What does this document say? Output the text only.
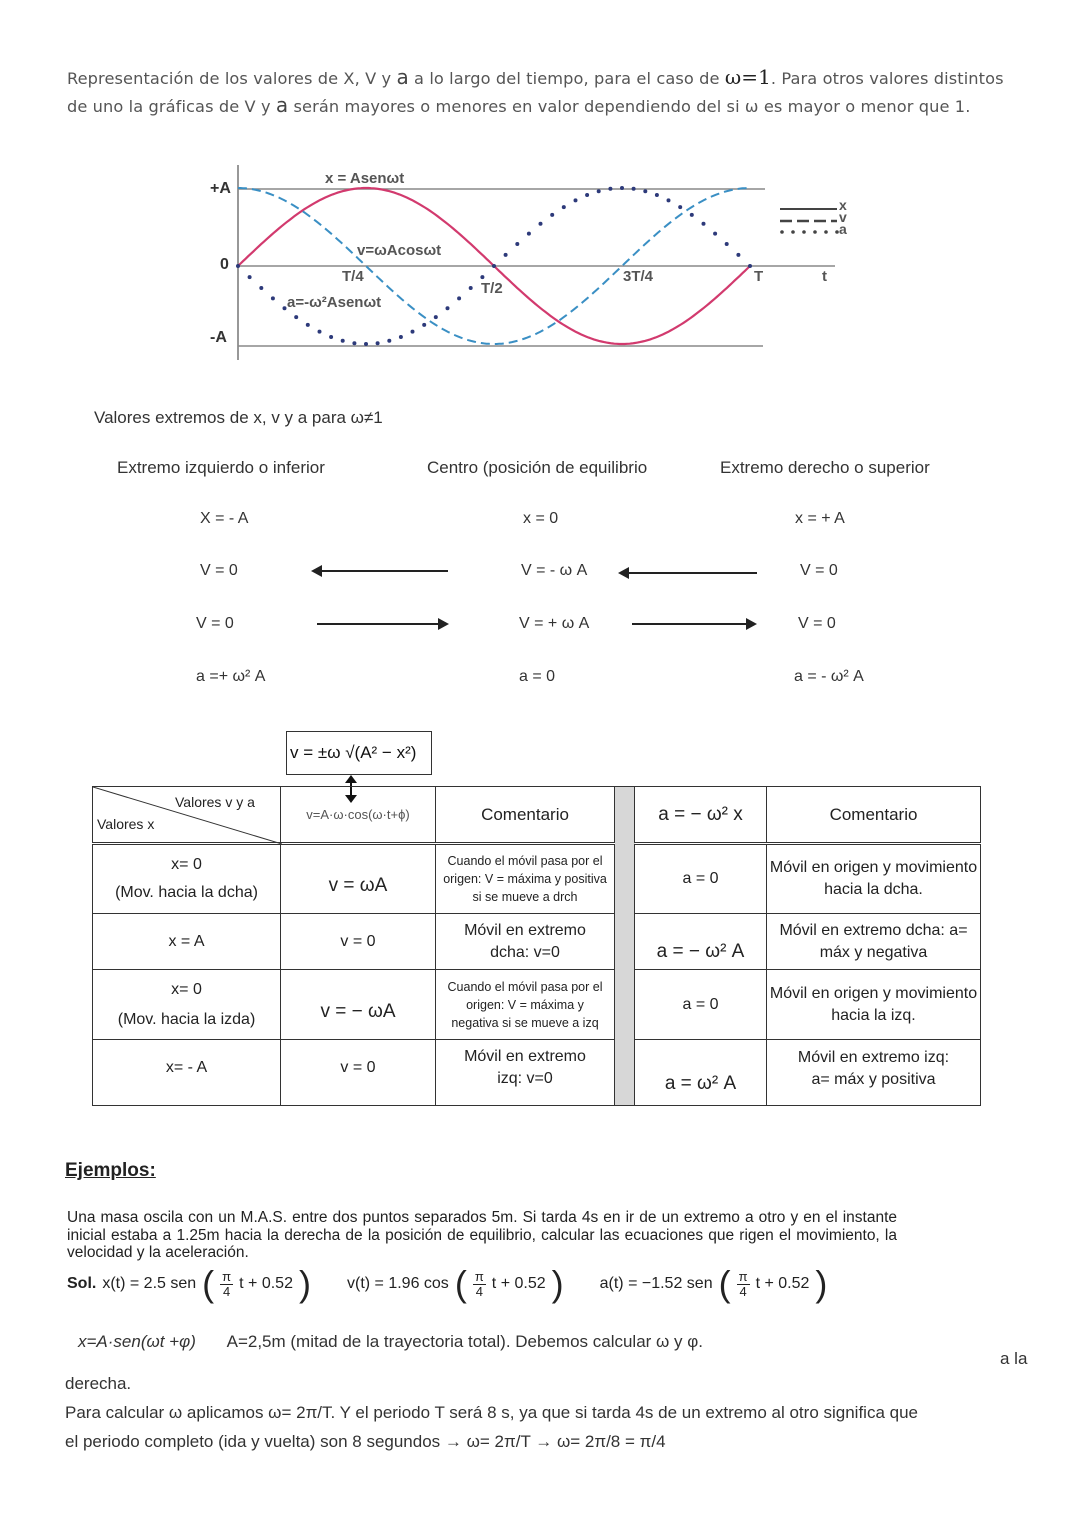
Representación de los valores de X, V y a a lo largo del tiempo, para el caso de ω=1. Para otros valores distintos de uno la gráficas de V y a serán mayores o menores en valor dependiendo del si ω es mayor o menor que 1.
x
v
a
+A
0
-A
T/4
T/2
3T/4	T	t
x = Asenωt
v=ωAcosωt
a=-ω²Asenωt
Valores extremos de x, v y a para ω≠1
Extremo izquierdo o inferior	Centro (posición de equilibrio	Extremo derecho o superior
X = - A	x = 0	x = + A
V = 0	V = - ω A	V = 0
V = 0	V = + ω A	V = 0
a =+ ω² A	a = 0	a = - ω² A
v = ±ω √(A² − x²)
Valores v y a
Valores x	v=A·ω·cos(ω·t+ϕ)	Comentario		a = − ω² x	Comentario

x= 0
(Mov. hacia la dcha)	v = ωA	Cuando el móvil pasa por el origen: V = máxima y positiva si se mueve a drch		a = 0	Móvil en origen y movimiento hacia la dcha.
x = A	v = 0	Móvil en extremo dcha: v=0		a = − ω² A	Móvil en extremo dcha: a= máx y negativa

x= 0
(Mov. hacia la izda)	v = − ωA	Cuando el móvil pasa por el origen: V = máxima y negativa si se mueve a izq		a = 0	Móvil en origen y movimiento hacia la izq.
x= - A	v = 0	Móvil en extremo izq: v=0		a = ω² A	Móvil en extremo izq: a= máx y positiva
Ejemplos:
Una masa oscila con un M.A.S. entre dos puntos separados 5m. Si tarda 4s en ir de un extremo a otro y en el instante inicial estaba a 1.25m hacia la derecha de la posición de equilibrio, calcular las ecuaciones que rigen el movimiento, la velocidad y la aceleración.
Sol. x(t) = 2.5 sen ( $\frac{\pi}{4}$ t + 0.52 ) v(t) = 1.96 cos ( $\frac{\pi}{4}$ t + 0.52 ) a(t) = −1.52 sen ( $\frac{\pi}{4}$ t + 0.52 )
x=A·sen(ωt +φ) A=2,5m (mitad de la trayectoria total). Debemos calcular ω y φ.
a la
derecha.
Para calcular ω aplicamos ω= 2π/T. Y el periodo T será 8 s, ya que si tarda 4s de un extremo al otro significa que
el periodo completo (ida y vuelta) son 8 segundos → ω= 2π/T → ω= 2π/8 = π/4
